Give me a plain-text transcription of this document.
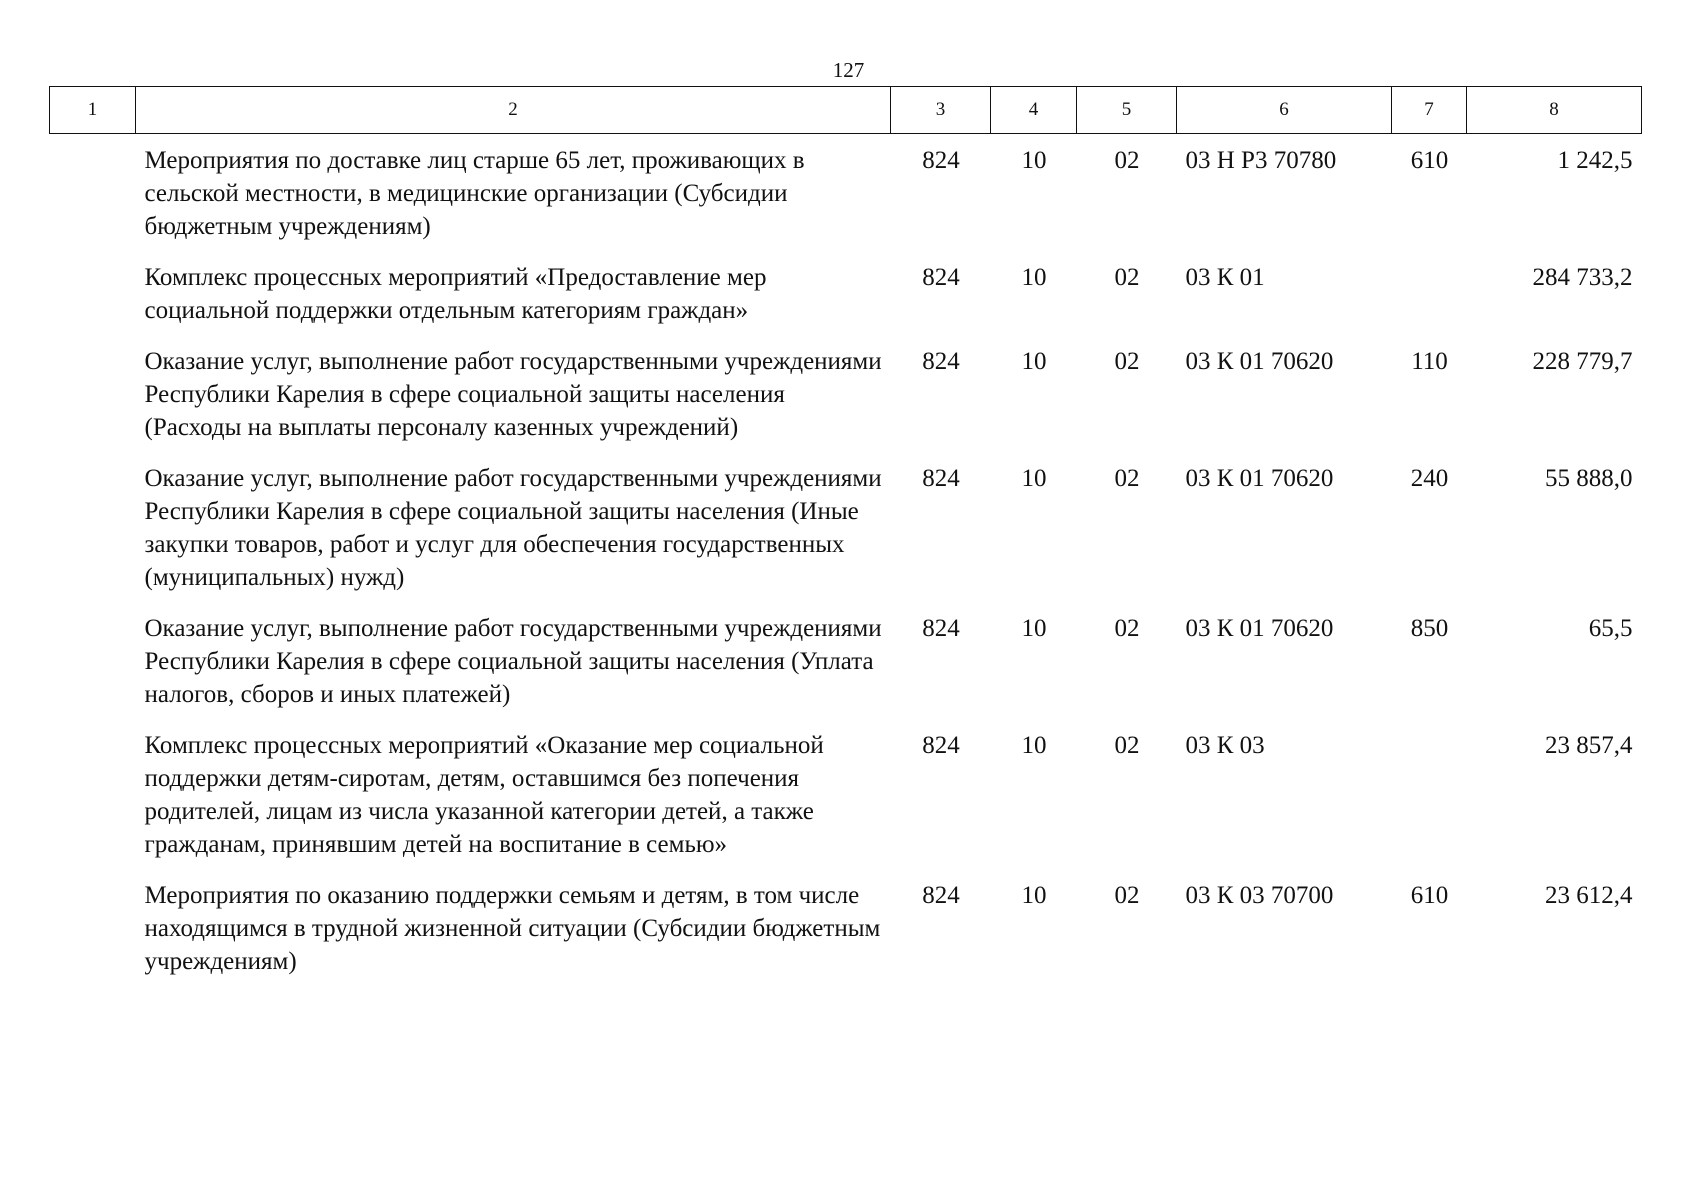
127
1	2	3	4	5	6	7	8
	Мероприятия по доставке лиц старше 65 лет, проживающих в сельской местности, в медицинские организации (Субсидии бюджетным учреждениям)	824	10	02	03 Н Р3 70780	610	1 242,5
	Комплекс процессных мероприятий «Предоставление мер социальной поддержки отдельным категориям граждан»	824	10	02	03 К 01		284 733,2
	Оказание услуг, выполнение работ государственными учреждениями Республики Карелия в сфере социальной защиты населения (Расходы на выплаты персоналу казенных учреждений)	824	10	02	03 К 01 70620	110	228 779,7
	Оказание услуг, выполнение работ государственными учреждениями Республики Карелия в сфере социальной защиты населения (Иные закупки товаров, работ и услуг для обеспечения государственных (муниципальных) нужд)	824	10	02	03 К 01 70620	240	55 888,0
	Оказание услуг, выполнение работ государственными учреждениями Республики Карелия в сфере социальной защиты населения (Уплата налогов, сборов и иных платежей)	824	10	02	03 К 01 70620	850	65,5
	Комплекс процессных мероприятий «Оказание мер социальной поддержки детям-сиротам, детям, оставшимся без попечения родителей, лицам из числа указанной категории детей, а также гражданам, принявшим детей на воспитание в семью»	824	10	02	03 К 03		23 857,4
	Мероприятия по оказанию поддержки семьям и детям, в том числе находящимся в трудной жизненной ситуации (Субсидии бюджетным учреждениям)	824	10	02	03 К 03 70700	610	23 612,4
